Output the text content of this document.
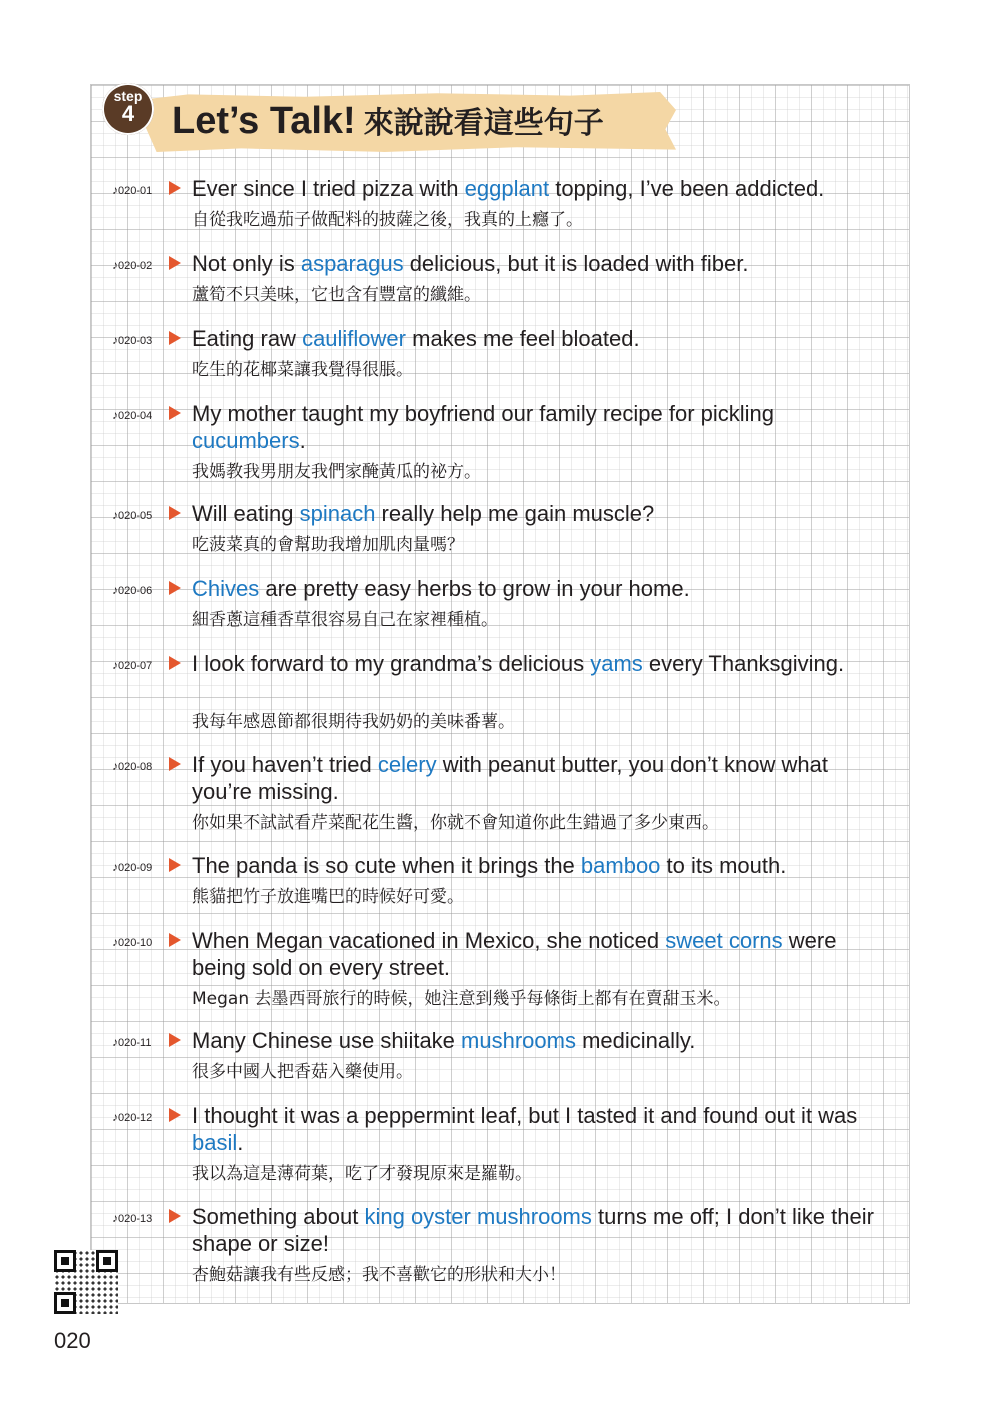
step
4 Let’s Talk! 來說說看這些句子
♪020-01 Ever since I tried pizza with eggplant topping, I’ve been addicted.
自從我吃過茄子做配料的披薩之後，我真的上癮了。
♪020-02 Not only is asparagus delicious, but it is loaded with fiber.
蘆筍不只美味，它也含有豐富的纖維。
♪020-03 Eating raw cauliflower makes me feel bloated.
吃生的花椰菜讓我覺得很脹。
♪020-04 My mother taught my boyfriend our family recipe for pickling cucumbers.
我媽教我男朋友我們家醃黃瓜的祕方。
♪020-05 Will eating spinach really help me gain muscle?
吃菠菜真的會幫助我增加肌肉量嗎？
♪020-06 Chives are pretty easy herbs to grow in your home.
細香蔥這種香草很容易自己在家裡種植。
♪020-07 I look forward to my grandma’s delicious yams every Thanksgiving.
我每年感恩節都很期待我奶奶的美味番薯。
♪020-08 If you haven’t tried celery with peanut butter, you don’t know what you’re missing.
你如果不試試看芹菜配花生醬，你就不會知道你此生錯過了多少東西。
♪020-09 The panda is so cute when it brings the bamboo to its mouth.
熊貓把竹子放進嘴巴的時候好可愛。
♪020-10 When Megan vacationed in Mexico, she noticed sweet corns were being sold on every street.
Megan 去墨西哥旅行的時候，她注意到幾乎每條街上都有在賣甜玉米。
♪020-11 Many Chinese use shiitake mushrooms medicinally.
很多中國人把香菇入藥使用。
♪020-12 I thought it was a peppermint leaf, but I tasted it and found out it was basil.
我以為這是薄荷葉，吃了才發現原來是羅勒。
♪020-13 Something about king oyster mushrooms turns me off; I don’t like their shape or size!
杏鮑菇讓我有些反感；我不喜歡它的形狀和大小！
020
